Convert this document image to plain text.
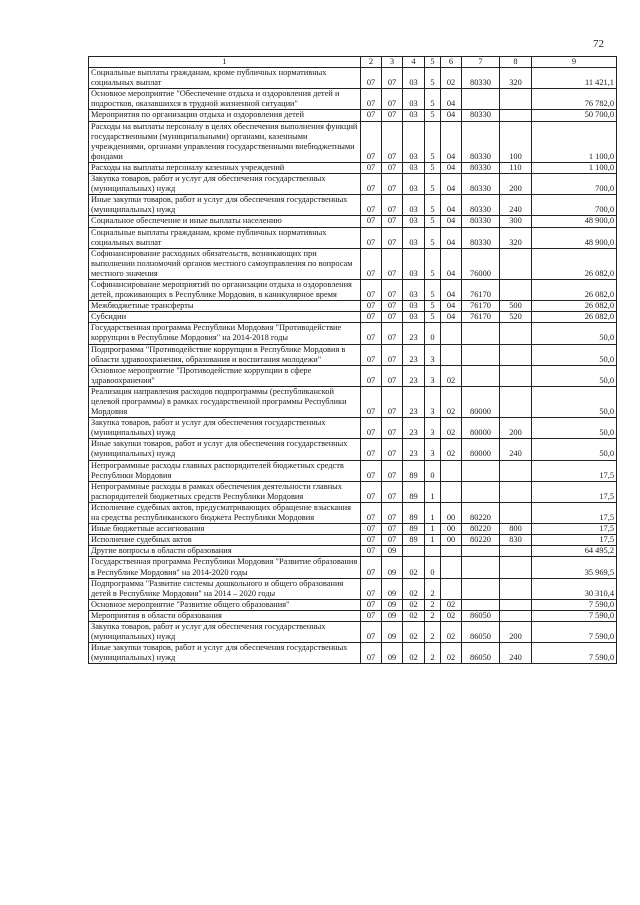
72
1	2	3	4	5	6	7	8	9
Социальные выплаты гражданам, кроме публичных нормативных социальных выплат	07	07	03	5	02	80330	320	11 421,1
Основное мероприятие "Обеспечение отдыха и оздоровления детей и подростков, оказавшихся в трудной жизненной ситуации"	07	07	03	5	04			76 782,0
Мероприятия по организации отдыха и оздоровления детей	07	07	03	5	04	80330		50 700,0
Расходы на выплаты персоналу в целях обеспечения выполнения функций государственными (муниципальными) органами, казенными учреждениями, органами управления государственными внебюджетными фондами	07	07	03	5	04	80330	100	1 100,0
Расходы на выплаты персоналу казенных учреждений	07	07	03	5	04	80330	110	1 100,0
Закупка товаров, работ и услуг для обеспечения государственных (муниципальных) нужд	07	07	03	5	04	80330	200	700,0
Иные закупки товаров, работ и услуг для обеспечения государственных (муниципальных) нужд	07	07	03	5	04	80330	240	700,0
Социальное обеспечение и иные выплаты населению	07	07	03	5	04	80330	300	48 900,0
Социальные выплаты гражданам, кроме публичных нормативных социальных выплат	07	07	03	5	04	80330	320	48 900,0
Софинансирование расходных обязательств, возникающих при выполнении полномочий органов местного самоуправления по вопросам местного значения	07	07	03	5	04	76000		26 082,0
Софинансирование мероприятий по организации отдыха и оздоровления детей, проживающих в Республике Мордовия, в каникулярное время	07	07	03	5	04	76170		26 082,0
Межбюджетные трансферты	07	07	03	5	04	76170	500	26 082,0
Субсидии	07	07	03	5	04	76170	520	26 082,0
Государственная программа Республики Мордовия "Противодействие коррупции в Республике Мордовия" на 2014-2018 годы	07	07	23	0				50,0
Подпрограмма "Противодействие коррупции в Республике Мордовия в области здравоохранения, образования и воспитания молодежи"	07	07	23	3				50,0
Основное мероприятие "Противодействие коррупции в сфере здравоохранения"	07	07	23	3	02			50,0
Реализация направления расходов подпрограммы (республиканской целевой программы) в рамках государственной программы Республики Мордовия	07	07	23	3	02	80000		50,0
Закупка товаров, работ и услуг для обеспечения государственных (муниципальных) нужд	07	07	23	3	02	80000	200	50,0
Иные закупки товаров, работ и услуг для обеспечения государственных (муниципальных) нужд	07	07	23	3	02	80000	240	50,0
Непрограммные расходы главных распорядителей бюджетных средств Республики Мордовия	07	07	89	0				17,5
Непрограммные расходы в рамках обеспечения деятельности главных распорядителей бюджетных средств Республики Мордовия	07	07	89	1				17,5
Исполнение судебных актов, предусматривающих обращение взыскания на средства республиканского бюджета Республики Мордовия	07	07	89	1	00	80220		17,5
Иные бюджетные ассигнования	07	07	89	1	00	80220	800	17,5
Исполнение судебных актов	07	07	89	1	00	80220	830	17,5
Другие вопросы в области образования	07	09						64 495,2
Государственная программа Республики Мордовия "Развитие образования в Республике Мордовия" на 2014-2020 годы	07	09	02	0				35 969,5
Подпрограмма "Развитие системы дошкольного и общего образования детей в Республике Мордовия" на 2014 – 2020 годы	07	09	02	2				30 310,4
Основное мероприятие "Развитие общего образования"	07	09	02	2	02			7 590,0
Мероприятия в области образования	07	09	02	2	02	86050		7 590,0
Закупка товаров, работ и услуг для обеспечения государственных (муниципальных) нужд	07	09	02	2	02	86050	200	7 590,0
Иные закупки товаров, работ и услуг для обеспечения государственных (муниципальных) нужд	07	09	02	2	02	86050	240	7 590,0
